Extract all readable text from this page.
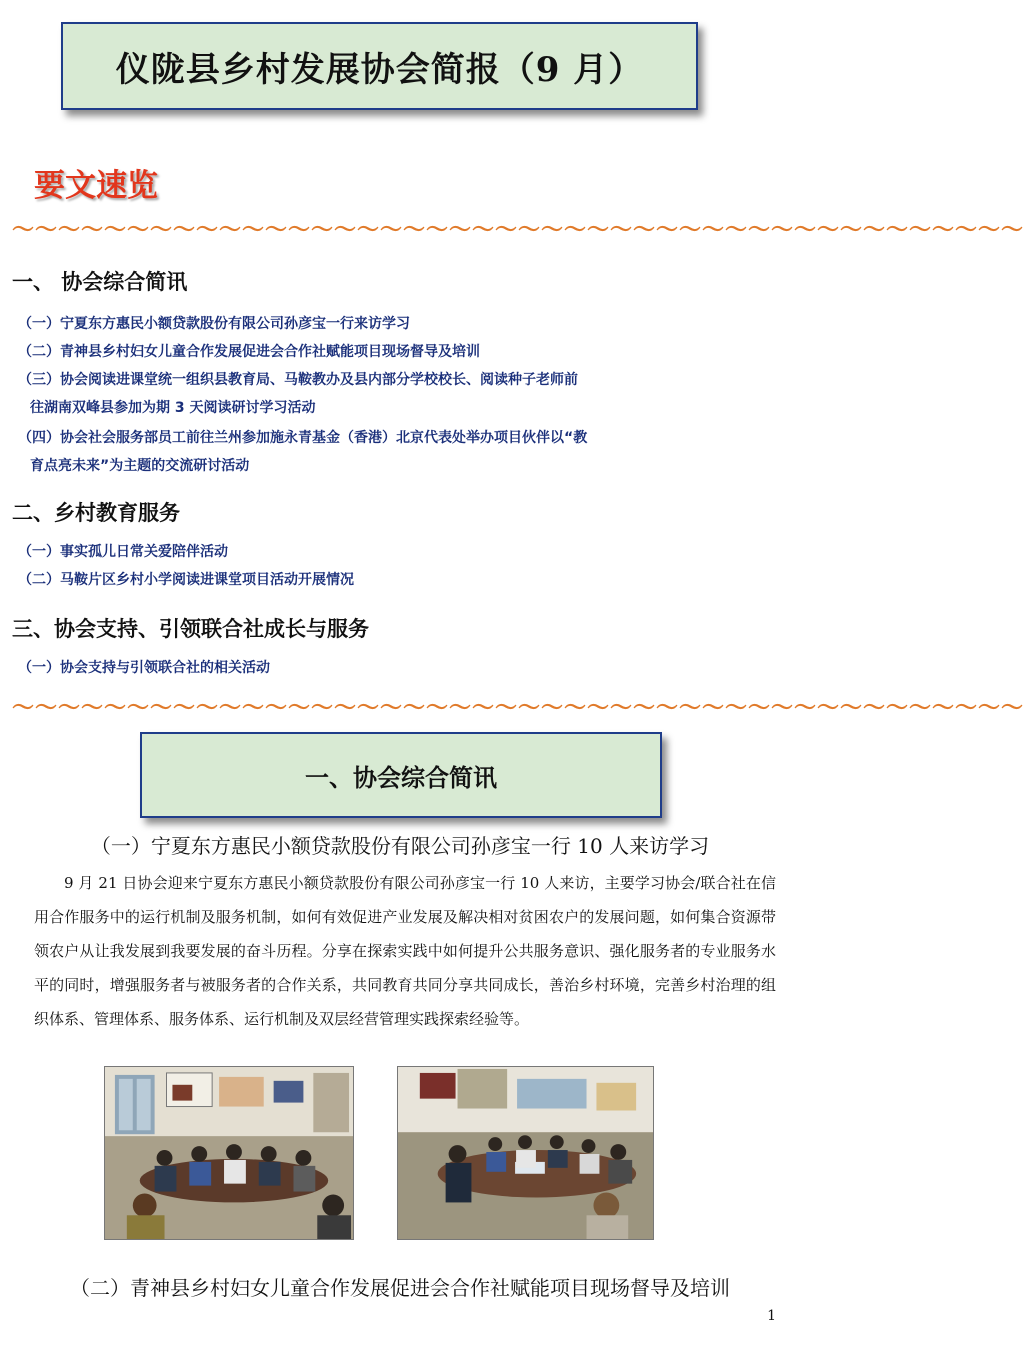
仪陇县乡村发展协会简报（9 月）
要文速览
～～～～～～～～～～～～～～～～～～～～～～～～～～～～～～～～～～～～～～～～～～～～
一、 协会综合简讯
（一）宁夏东方惠民小额贷款股份有限公司孙彦宝一行来访学习
（二）青神县乡村妇女儿童合作发展促进会合作社赋能项目现场督导及培训
（三）协会阅读进课堂统一组织县教育局、马鞍教办及县内部分学校校长、阅读种子老师前
往湖南双峰县参加为期 3 天阅读研讨学习活动
（四）协会社会服务部员工前往兰州参加施永青基金（香港）北京代表处举办项目伙伴以“教
育点亮未来”为主题的交流研讨活动
二、乡村教育服务
（一）事实孤儿日常关爱陪伴活动
（二）马鞍片区乡村小学阅读进课堂项目活动开展情况
三、协会支持、引领联合社成长与服务
（一）协会支持与引领联合社的相关活动
～～～～～～～～～～～～～～～～～～～～～～～～～～～～～～～～～～～～～～～～～～～～
一、协会综合简讯
（一）宁夏东方惠民小额贷款股份有限公司孙彦宝一行 10 人来访学习
9 月 21 日协会迎来宁夏东方惠民小额贷款股份有限公司孙彦宝一行 10 人来访，主要学习协会/联合社在信用合作服务中的运行机制及服务机制，如何有效促进产业发展及解决相对贫困农户的发展问题，如何集合资源带领农户从让我发展到我要发展的奋斗历程。分享在探索实践中如何提升公共服务意识、强化服务者的专业服务水平的同时，增强服务者与被服务者的合作关系，共同教育共同分享共同成长，善治乡村环境，完善乡村治理的组织体系、管理体系、服务体系、运行机制及双层经营管理实践探索经验等。
（二）青神县乡村妇女儿童合作发展促进会合作社赋能项目现场督导及培训
1
